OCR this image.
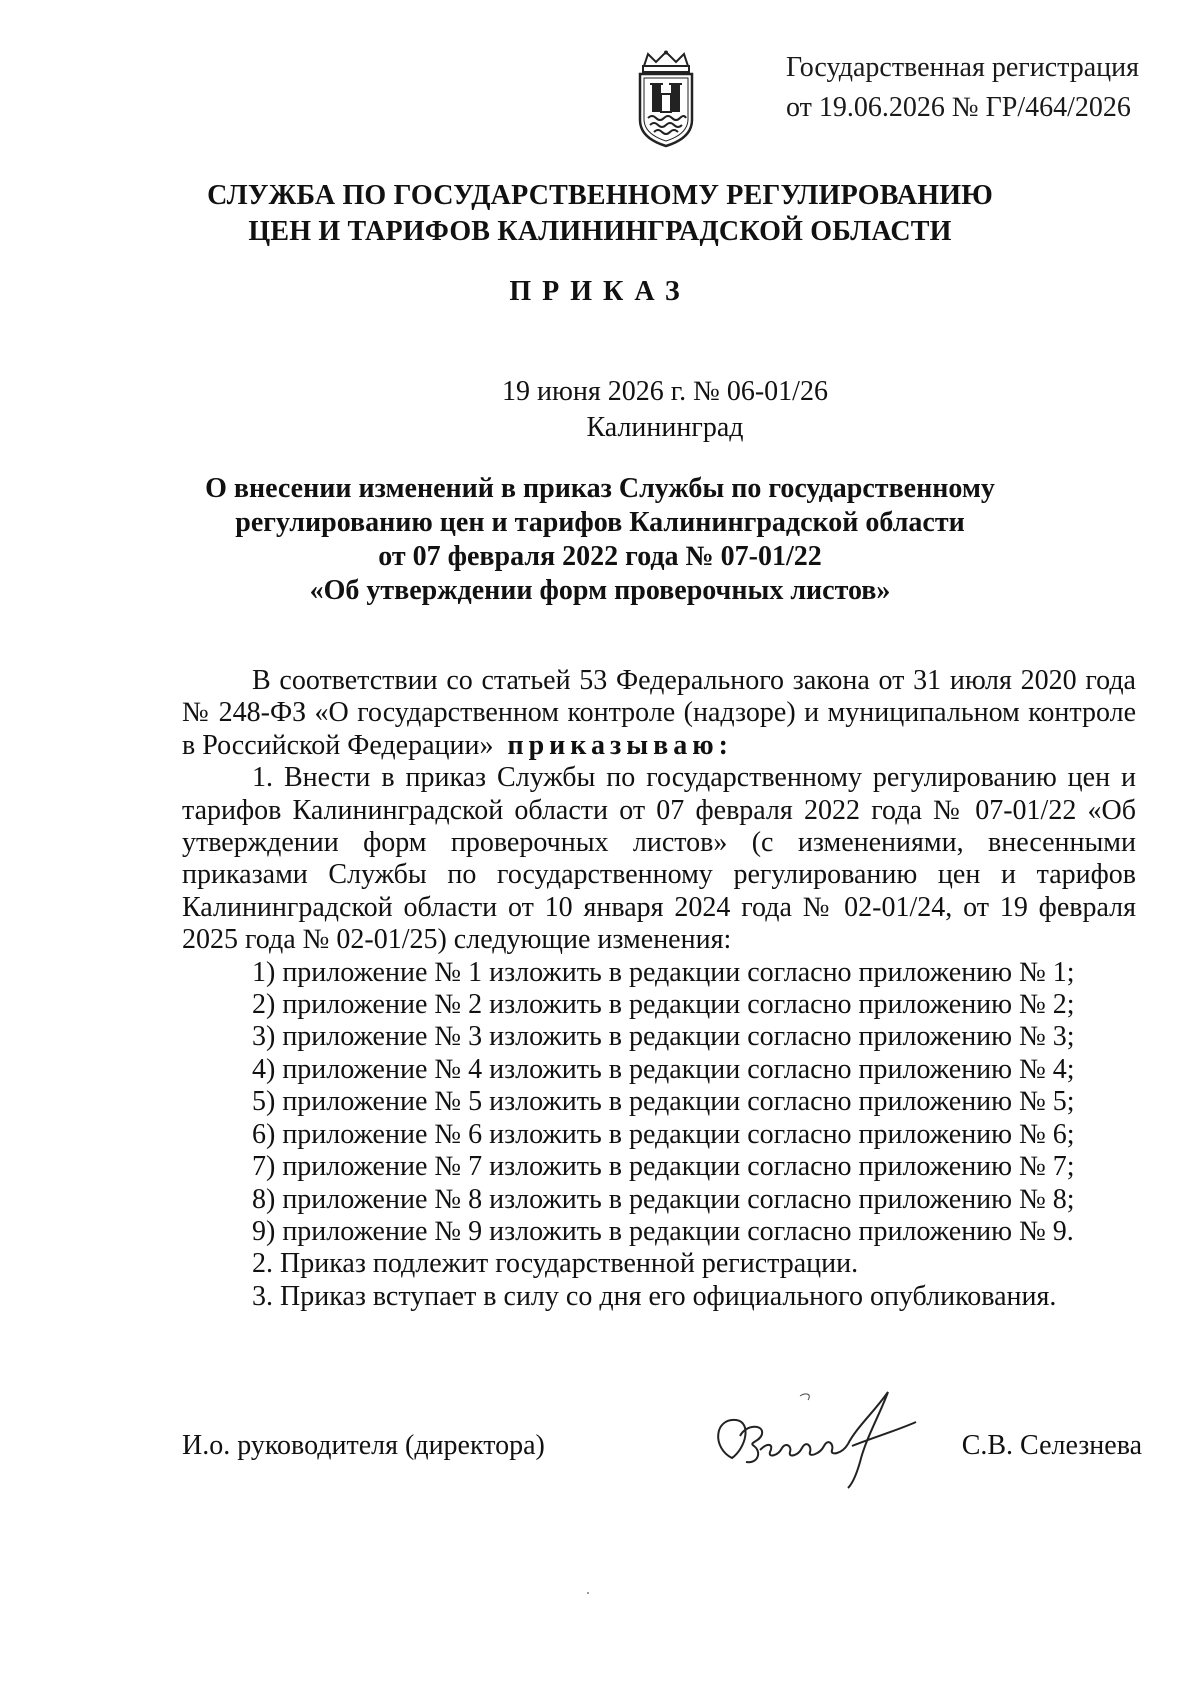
Государственная регистрация
от 19.06.2026 № ГР/464/2026
СЛУЖБА ПО ГОСУДАРСТВЕННОМУ РЕГУЛИРОВАНИЮ
ЦЕН И ТАРИФОВ КАЛИНИНГРАДСКОЙ ОБЛАСТИ
ПРИКАЗ
19 июня 2026 г. № 06-01/26
Калининград
О внесении изменений в приказ Службы по государственному
регулированию цен и тарифов Калининградской области
от 07 февраля 2022 года № 07-01/22
«Об утверждении форм проверочных листов»

В соответствии со статьей 53 Федерального закона от 31 июля 2020 года № 248-ФЗ «О государственном контроле (надзоре) и муниципальном контроле в Российской Федерации» приказываю:

1. Внести в приказ Службы по государственному регулированию цен и тарифов Калининградской области от 07 февраля 2022 года № 07-01/22 «Об утверждении форм проверочных листов» (с изменениями, внесенными приказами Службы по государственному регулированию цен и тарифов Калининградской области от 10 января 2024 года № 02-01/24, от 19 февраля 2025 года № 02-01/25) следующие изменения:

1) приложение № 1 изложить в редакции согласно приложению № 1;
2) приложение № 2 изложить в редакции согласно приложению № 2;
3) приложение № 3 изложить в редакции согласно приложению № 3;
4) приложение № 4 изложить в редакции согласно приложению № 4;
5) приложение № 5 изложить в редакции согласно приложению № 5;
6) приложение № 6 изложить в редакции согласно приложению № 6;
7) приложение № 7 изложить в редакции согласно приложению № 7;
8) приложение № 8 изложить в редакции согласно приложению № 8;
9) приложение № 9 изложить в редакции согласно приложению № 9.
2. Приказ подлежит государственной регистрации.
3. Приказ вступает в силу со дня его официального опубликования.
И.о. руководителя (директора)	С.В. Селезнева
